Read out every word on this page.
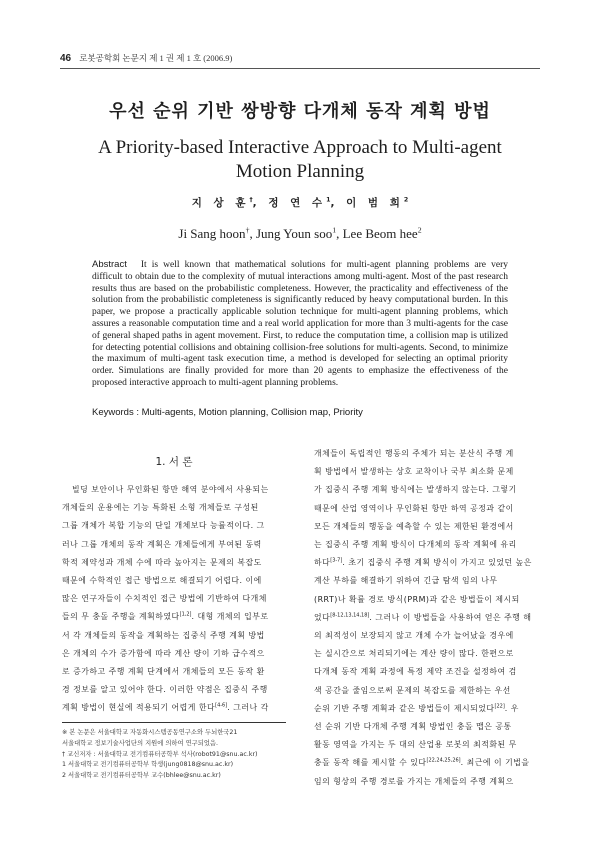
46 로봇공학회 논문지 제 1 권 제 1 호 (2006.9)
우선 순위 기반 쌍방향 다개체 동작 계획 방법
A Priority-based Interactive Approach to Multi-agent Motion Planning
지 상 훈†, 정 연 수$^1$, 이 범 희$^2$
Ji Sang hoon†, Jung Youn soo$^1$, Lee Beom hee$^2$
Abstract It is well known that mathematical solutions for multi-agent planning problems are very difficult to obtain due to the complexity of mutual interactions among multi-agent. Most of the past research results thus are based on the probabilistic completeness. However, the practicality and effectiveness of the solution from the probabilistic completeness is significantly reduced by heavy computational burden. In this paper, we propose a practically applicable solution technique for multi-agent planning problems, which assures a reasonable computation time and a real world application for more than 3 multi-agents for the case of general shaped paths in agent movement. First, to reduce the computation time, a collision map is utilized for detecting potential collisions and obtaining collision-free solutions for multi-agents. Second, to minimize the maximum of multi-agent task execution time, a method is developed for selecting an optimal priority order. Simulations are finally provided for more than 20 agents to emphasize the effectiveness of the proposed interactive approach to multi-agent planning problems.
Keywords : Multi-agents, Motion planning, Collision map, Priority
1. 서 론
빌딩 보안이나 무인화된 항만 해역 분야에서 사용되는
개체들의 운용에는 기능 특화된 소형 개체들로 구성된
그룹 개체가 복합 기능의 단일 개체보다 능률적이다. 그
러나 그룹 개체의 동작 계획은 개체들에게 부여된 동력
학적 제약성과 개체 수에 따라 높아지는 문제의 복잡도
때문에 수학적인 접근 방법으로 해결되기 어렵다. 이에
많은 연구자들이 수치적인 접근 방법에 기반하여 다개체
들의 무 충돌 주행을 계획하였다[1,2]. 대형 개체의 입부로
서 각 개체들의 동작을 계획하는 집중식 주행 계획 방법
은 개체의 수가 증가함에 따라 계산 량이 기하 급수적으
로 증가하고 주행 계획 단계에서 개체들의 모든 동작 환
경 정보를 알고 있어야 한다. 이러한 약점은 집중식 주행
계획 방법이 현실에 적용되기 어렵게 한다[4-6]. 그러나 각
개체들이 독립적인 행동의 주체가 되는 분산식 주행 계
획 방법에서 발생하는 상호 교착이나 국부 최소화 문제
가 집중식 주행 계획 방식에는 발생하지 않는다. 그렇기
때문에 산업 영역이나 무인화된 항만 하역 공정과 같이
모든 개체들의 행동을 예측할 수 있는 제한된 환경에서
는 집중식 주행 계획 방식이 다개체의 동작 계획에 유리
하다[3-7]. 초기 집중식 주행 계획 방식이 가지고 있었던 높은
계산 부하를 해결하기 위하여 긴급 탐색 임의 나무
(RRT)나 확률 경로 방식(PRM)과 같은 방법들이 제시되
었다[8-12,13,14,18]. 그러나 이 방법들을 사용하여 얻은 주행 해
의 최적성이 보장되지 않고 개체 수가 늘어났을 경우에
는 실시간으로 처리되기에는 계산 량이 많다. 한편으로
다개체 동작 계획 과정에 특정 제약 조건을 설정하여 검
색 공간을 줄임으로써 문제의 복잡도를 제한하는 우선
순위 기반 주행 계획과 같은 방법들이 제시되었다[22]. 우
선 순위 기반 다개체 주행 계획 방법인 충돌 맵은 공통
활동 영역을 가지는 두 대의 산업용 로봇의 최적화된 무
충돌 동작 해를 제시할 수 있다[22,24,25,26]. 최근에 이 기법을
임의 형상의 주행 경로를 가지는 개체들의 주행 계획으
※ 본 논문은 서울대학교 자동화시스템공동연구소와 두뇌한국21
서울대학교 정보기술사업단의 지원에 의하여 연구되었음.
† 교신저자 : 서울대학교 전기컴퓨터공학부 석사(robot91@snu.ac.kr)
1 서울대학교 전기컴퓨터공학부 학생(jung0818@snu.ac.kr)
2 서울대학교 전기컴퓨터공학부 교수(bhlee@snu.ac.kr)
